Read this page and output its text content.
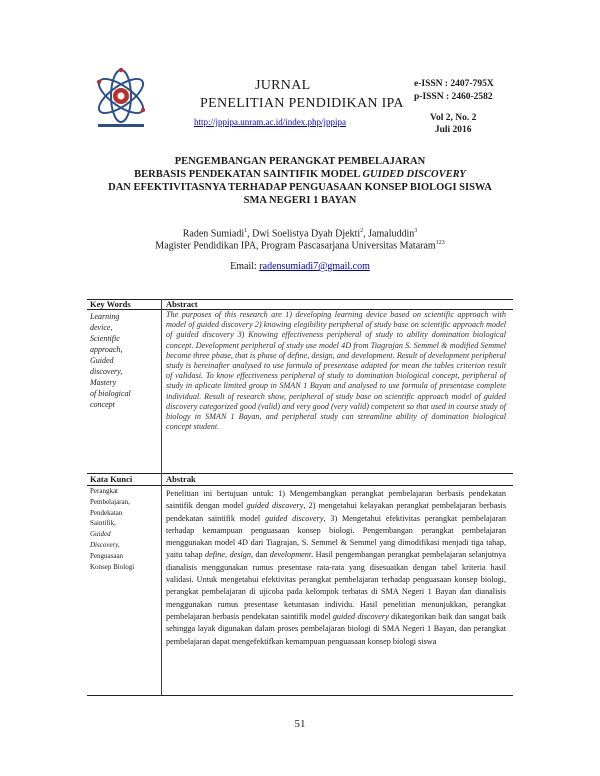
JURNAL
PENELITIAN PENDIDIKAN IPA
http://jppipa.unram.ac.id/index.php/jppipa
e-ISSN : 2407-795X
p-ISSN : 2460-2582
Vol 2, No. 2
Juli 2016
PENGEMBANGAN PERANGKAT PEMBELAJARAN
BERBASIS PENDEKATAN SAINTIFIK MODEL GUIDED DISCOVERY
DAN EFEKTIVITASNYA TERHADAP PENGUASAAN KONSEP BIOLOGI SISWA
SMA NEGERI 1 BAYAN
Raden Sumiadi$^1$, Dwi Soelistya Dyah Djekti$^2$, Jamaluddin$^3$
Magister Pendidikan IPA, Program Pascasarjana Universitas Mataram$^{123}$
Email: radensumiadi7@gmail.com
Key Words	Abstract
Learning
device,
Scientific
approach,
Guided
discovery,
Mastery
of biological
concept
The purposes of this research are 1) developing learning device based on scientific approach with model of guided discovery 2) knowing elegibility peripheral of study base on scientific approach model of guided discovery 3) Knowing effectiveness peripheral of study to ability domination biological concept. Development peripheral of study use model 4D from Tiagrajan S. Semmel & modified Semmel become three phase, that is phase of define, design, and development. Result of development peripheral study is hereinafter analysed to use formula of presentase adapted for mean the tables criterion result of validasi. To know effectiveness peripheral of study to domination biological concept, peripheral of study in aplicate limited group in SMAN 1 Bayan and analysed to use formula of presentase complete individual. Result of research show, peripheral of study base on scientific approach model of guided discovery categorized good (valid) and very good (very valid) competent so that used in course study of biology in SMAN 1 Bayan, and peripheral study can streamline ability of domination biological concept student.
Kata Kunci	Abstrak
Perangkat
Pembelajaran,
Pendekatan
Saintifik,
Guided
Discovery,
Penguasaan
Konsep Biologi
Penelitian ini bertujuan untuk: 1) Mengembangkan perangkat pembelajaran berbasis pendekatan saintifik dengan model guided discovery, 2) mengetahui kelayakan perangkat pembelajaran berbasis pendekatan saintifik model guided discovery, 3) Mengetahui efektivitas perangkat pembelajaran terhadap kemampuan penguasaan konsep biologi. Pengembangan perangkat pembelajaran menggunakan model 4D dari Tiagrajan, S. Semmel & Semmel yang dimodifikasi menjadi tiga tahap, yaitu tahap define, design, dan development. Hasil pengembangan perangkat pembelajaran selanjutnya dianalisis menggunakan rumus presentase rata-rata yang disesuaikan dengan tabel kriteria hasil validasi. Untuk mengetahui efektivitas perangkat pembelajaran terhadap penguasaan konsep biologi, perangkat pembelajaran di ujicoba pada kelompok terbatas di SMA Negeri 1 Bayan dan dianalisis menggunakan rumus presentase ketuntasan individu. Hasil penelitian menunjukkan, perangkat pembelajaran berbasis pendekatan saintifik model guided discovery dikategorikan baik dan sangat baik sehingga layak digunakan dalam proses pembelajaran biologi di SMA Negeri 1 Bayan, dan perangkat pembelajaran dapat mengefektifkan kemampuan penguasaan konsep biologi siswa
51
